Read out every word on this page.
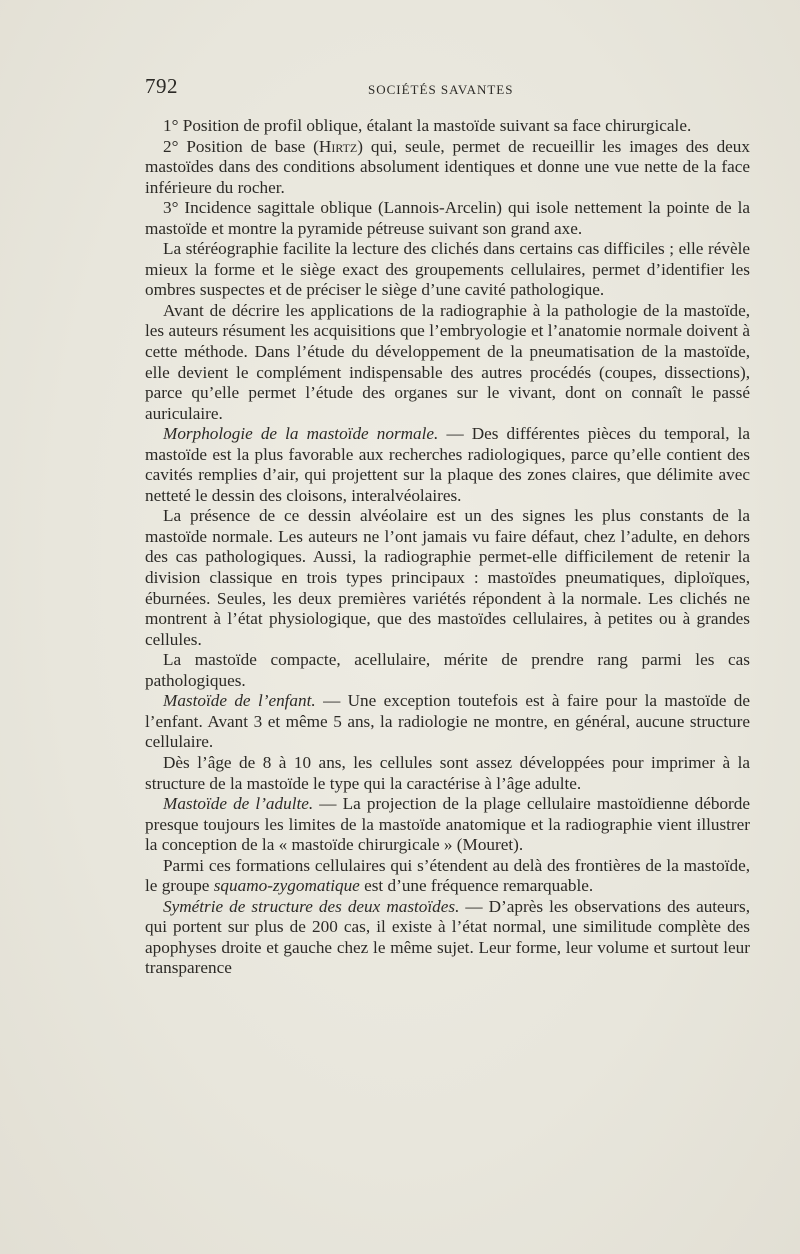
792	SOCIÉTÉS SAVANTES

1° Position de profil oblique, étalant la mastoïde suivant sa face chirurgicale.

2° Position de base (Hirtz) qui, seule, permet de recueillir les images des deux mastoïdes dans des conditions absolument identiques et donne une vue nette de la face inférieure du rocher.

3° Incidence sagittale oblique (Lannois-Arcelin) qui isole nettement la pointe de la mastoïde et montre la pyramide pétreuse suivant son grand axe.

La stéréographie facilite la lecture des clichés dans certains cas difficiles ; elle révèle mieux la forme et le siège exact des groupements cellulaires, permet d’identifier les ombres suspectes et de préciser le siège d’une cavité pathologique.

Avant de décrire les applications de la radiographie à la pathologie de la mastoïde, les auteurs résument les acquisitions que l’embryologie et l’anatomie normale doivent à cette méthode. Dans l’étude du développement de la pneumatisation de la mastoïde, elle devient le complément indispensable des autres procédés (coupes, dissections), parce qu’elle permet l’étude des organes sur le vivant, dont on connaît le passé auriculaire.

Morphologie de la mastoïde normale. — Des différentes pièces du temporal, la mastoïde est la plus favorable aux recherches radiologiques, parce qu’elle contient des cavités remplies d’air, qui projettent sur la plaque des zones claires, que délimite avec netteté le dessin des cloisons, interalvéolaires.

La présence de ce dessin alvéolaire est un des signes les plus constants de la mastoïde normale. Les auteurs ne l’ont jamais vu faire défaut, chez l’adulte, en dehors des cas pathologiques. Aussi, la radiographie permet-elle difficilement de retenir la division classique en trois types principaux : mastoïdes pneumatiques, diploïques, éburnées. Seules, les deux premières variétés répondent à la normale. Les clichés ne montrent à l’état physiologique, que des mastoïdes cellulaires, à petites ou à grandes cellules.

La mastoïde compacte, acellulaire, mérite de prendre rang parmi les cas pathologiques.

Mastoïde de l’enfant. — Une exception toutefois est à faire pour la mastoïde de l’enfant. Avant 3 et même 5 ans, la radiologie ne montre, en général, aucune structure cellulaire.

Dès l’âge de 8 à 10 ans, les cellules sont assez développées pour imprimer à la structure de la mastoïde le type qui la caractérise à l’âge adulte.

Mastoïde de l’adulte. — La projection de la plage cellulaire mastoïdienne déborde presque toujours les limites de la mastoïde anatomique et la radiographie vient illustrer la conception de la « mastoïde chirurgicale » (Mouret).

Parmi ces formations cellulaires qui s’étendent au delà des frontières de la mastoïde, le groupe squamo-zygomatique est d’une fréquence remarquable.

Symétrie de structure des deux mastoïdes. — D’après les observations des auteurs, qui portent sur plus de 200 cas, il existe à l’état normal, une similitude complète des apophyses droite et gauche chez le même sujet. Leur forme, leur volume et surtout leur transparence
